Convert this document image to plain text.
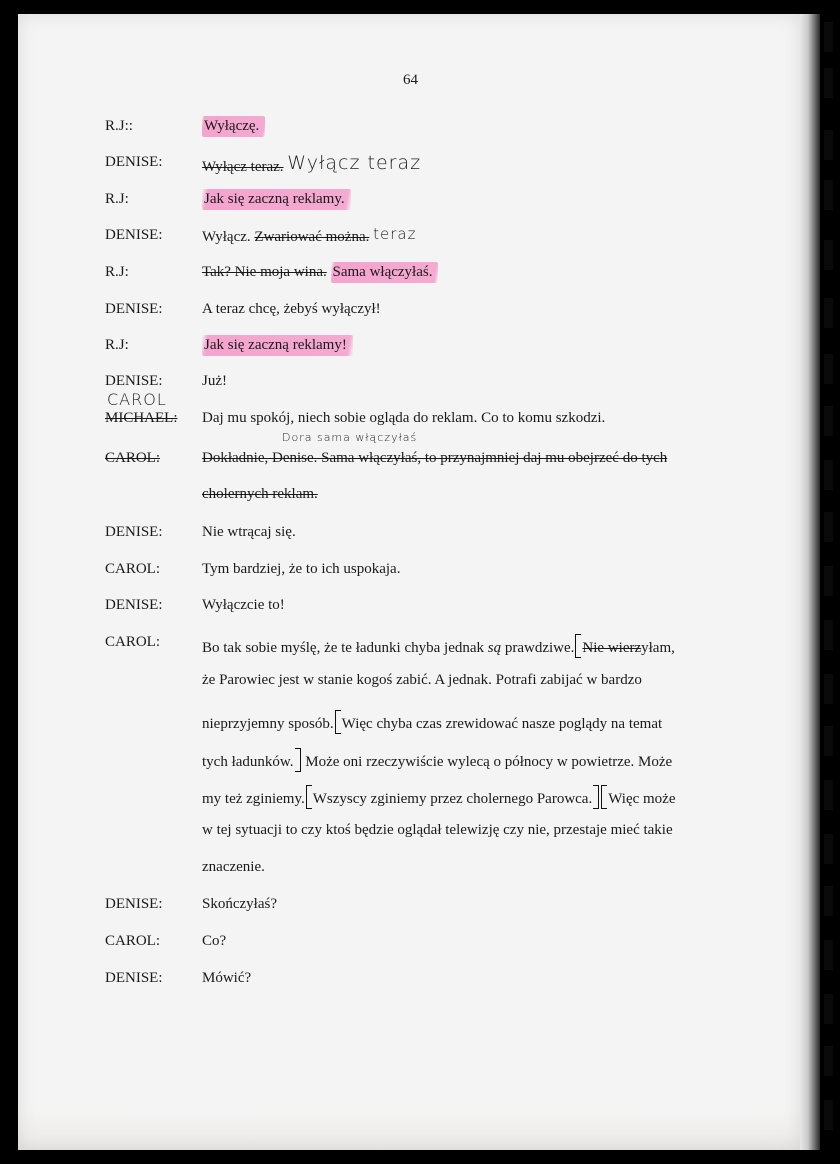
64
R.J::	Wyłączę.
DENISE:	Wyłącz teraz. Wyłącz teraz
R.J:	Jak się zaczną reklamy.
DENISE:	Wyłącz. Zwariować można. teraz
R.J:	Tak? Nie moja wina. Sama włączyłaś.
DENISE:	A teraz chcę, żebyś wyłączył!
R.J:	Jak się zaczną reklamy!
DENISE:	Już!
CAROL
MICHAEL: Daj mu spokój, niech sobie ogląda do reklam. Co to komu szkodzi.
Dora sama włączyłaś
CAROL:	Dokładnie, Denise. Sama włączyłaś, to przynajmniej daj mu obejrzeć do tych
cholernych reklam.
DENISE:	Nie wtrącaj się.
CAROL:	Tym bardziej, że to ich uspokaja.
DENISE:	Wyłączcie to!
CAROL:	Bo tak sobie myślę, że te ładunki chyba jednak są prawdziwe. Nie wierzyłam,
że Parowiec jest w stanie kogoś zabić. A jednak. Potrafi zabijać w bardzo
nieprzyjemny sposób. Więc chyba czas zrewidować nasze poglądy na temat
tych ładunków. Może oni rzeczywiście wylecą o północy w powietrze. Może
my też zginiemy. Wszyscy zginiemy przez cholernego Parowca. Więc może
w tej sytuacji to czy ktoś będzie oglądał telewizję czy nie, przestaje mieć takie
znaczenie.
DENISE:	Skończyłaś?
CAROL:	Co?
DENISE:	Mówić?
